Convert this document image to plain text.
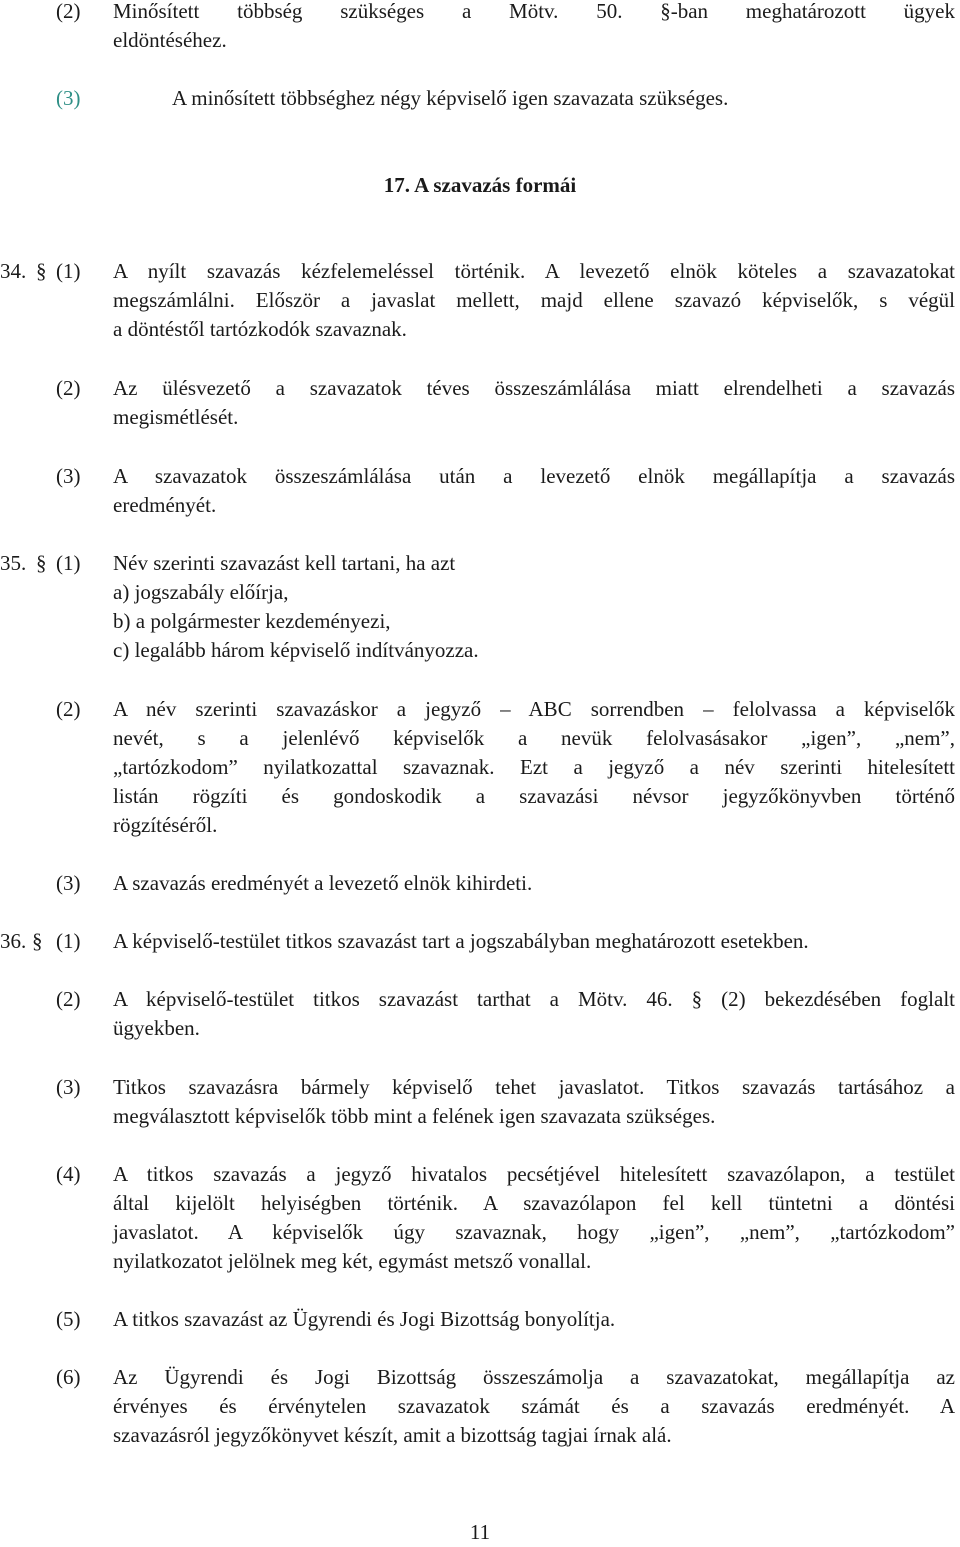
(2) Minősített többség szükséges a Mötv. 50. §-ban meghatározott ügyek
eldöntéséhez.
(3)	A minősített többséghez négy képviselő igen szavazata szükséges.
17. A szavazás formái
34. § (1) A nyílt szavazás kézfelemeléssel történik. A levezető elnök köteles a szavazatokat
megszámlálni. Először a javaslat mellett, majd ellene szavazó képviselők, s végül
a döntéstől tartózkodók szavaznak.
(2) Az ülésvezető a szavazatok téves összeszámlálása miatt elrendelheti a szavazás
megismétlését.
(3) A szavazatok összeszámlálása után a levezető elnök megállapítja a szavazás
eredményét.
35. § (1) Név szerinti szavazást kell tartani, ha azt
a) jogszabály előírja,
b) a polgármester kezdeményezi,
c) legalább három képviselő indítványozza.
(2) A név szerinti szavazáskor a jegyző – ABC sorrendben – felolvassa a képviselők
nevét, s a jelenlévő képviselők a nevük felolvasásakor „igen”, „nem”,
„tartózkodom” nyilatkozattal szavaznak. Ezt a jegyző a név szerinti hitelesített
listán rögzíti és gondoskodik a szavazási névsor jegyzőkönyvben történő
rögzítéséről.
(3) A szavazás eredményét a levezető elnök kihirdeti.
36. § (1) A képviselő-testület titkos szavazást tart a jogszabályban meghatározott esetekben.
(2) A képviselő-testület titkos szavazást tarthat a Mötv. 46. § (2) bekezdésében foglalt
ügyekben.
(3) Titkos szavazásra bármely képviselő tehet javaslatot. Titkos szavazás tartásához a
megválasztott képviselők több mint a felének igen szavazata szükséges.
(4) A titkos szavazás a jegyző hivatalos pecsétjével hitelesített szavazólapon, a testület
által kijelölt helyiségben történik. A szavazólapon fel kell tüntetni a döntési
javaslatot. A képviselők úgy szavaznak, hogy „igen”, „nem”, „tartózkodom”
nyilatkozatot jelölnek meg két, egymást metsző vonallal.
(5) A titkos szavazást az Ügyrendi és Jogi Bizottság bonyolítja.
(6) Az Ügyrendi és Jogi Bizottság összeszámolja a szavazatokat, megállapítja az
érvényes és érvénytelen szavazatok számát és a szavazás eredményét. A
szavazásról jegyzőkönyvet készít, amit a bizottság tagjai írnak alá.
11
